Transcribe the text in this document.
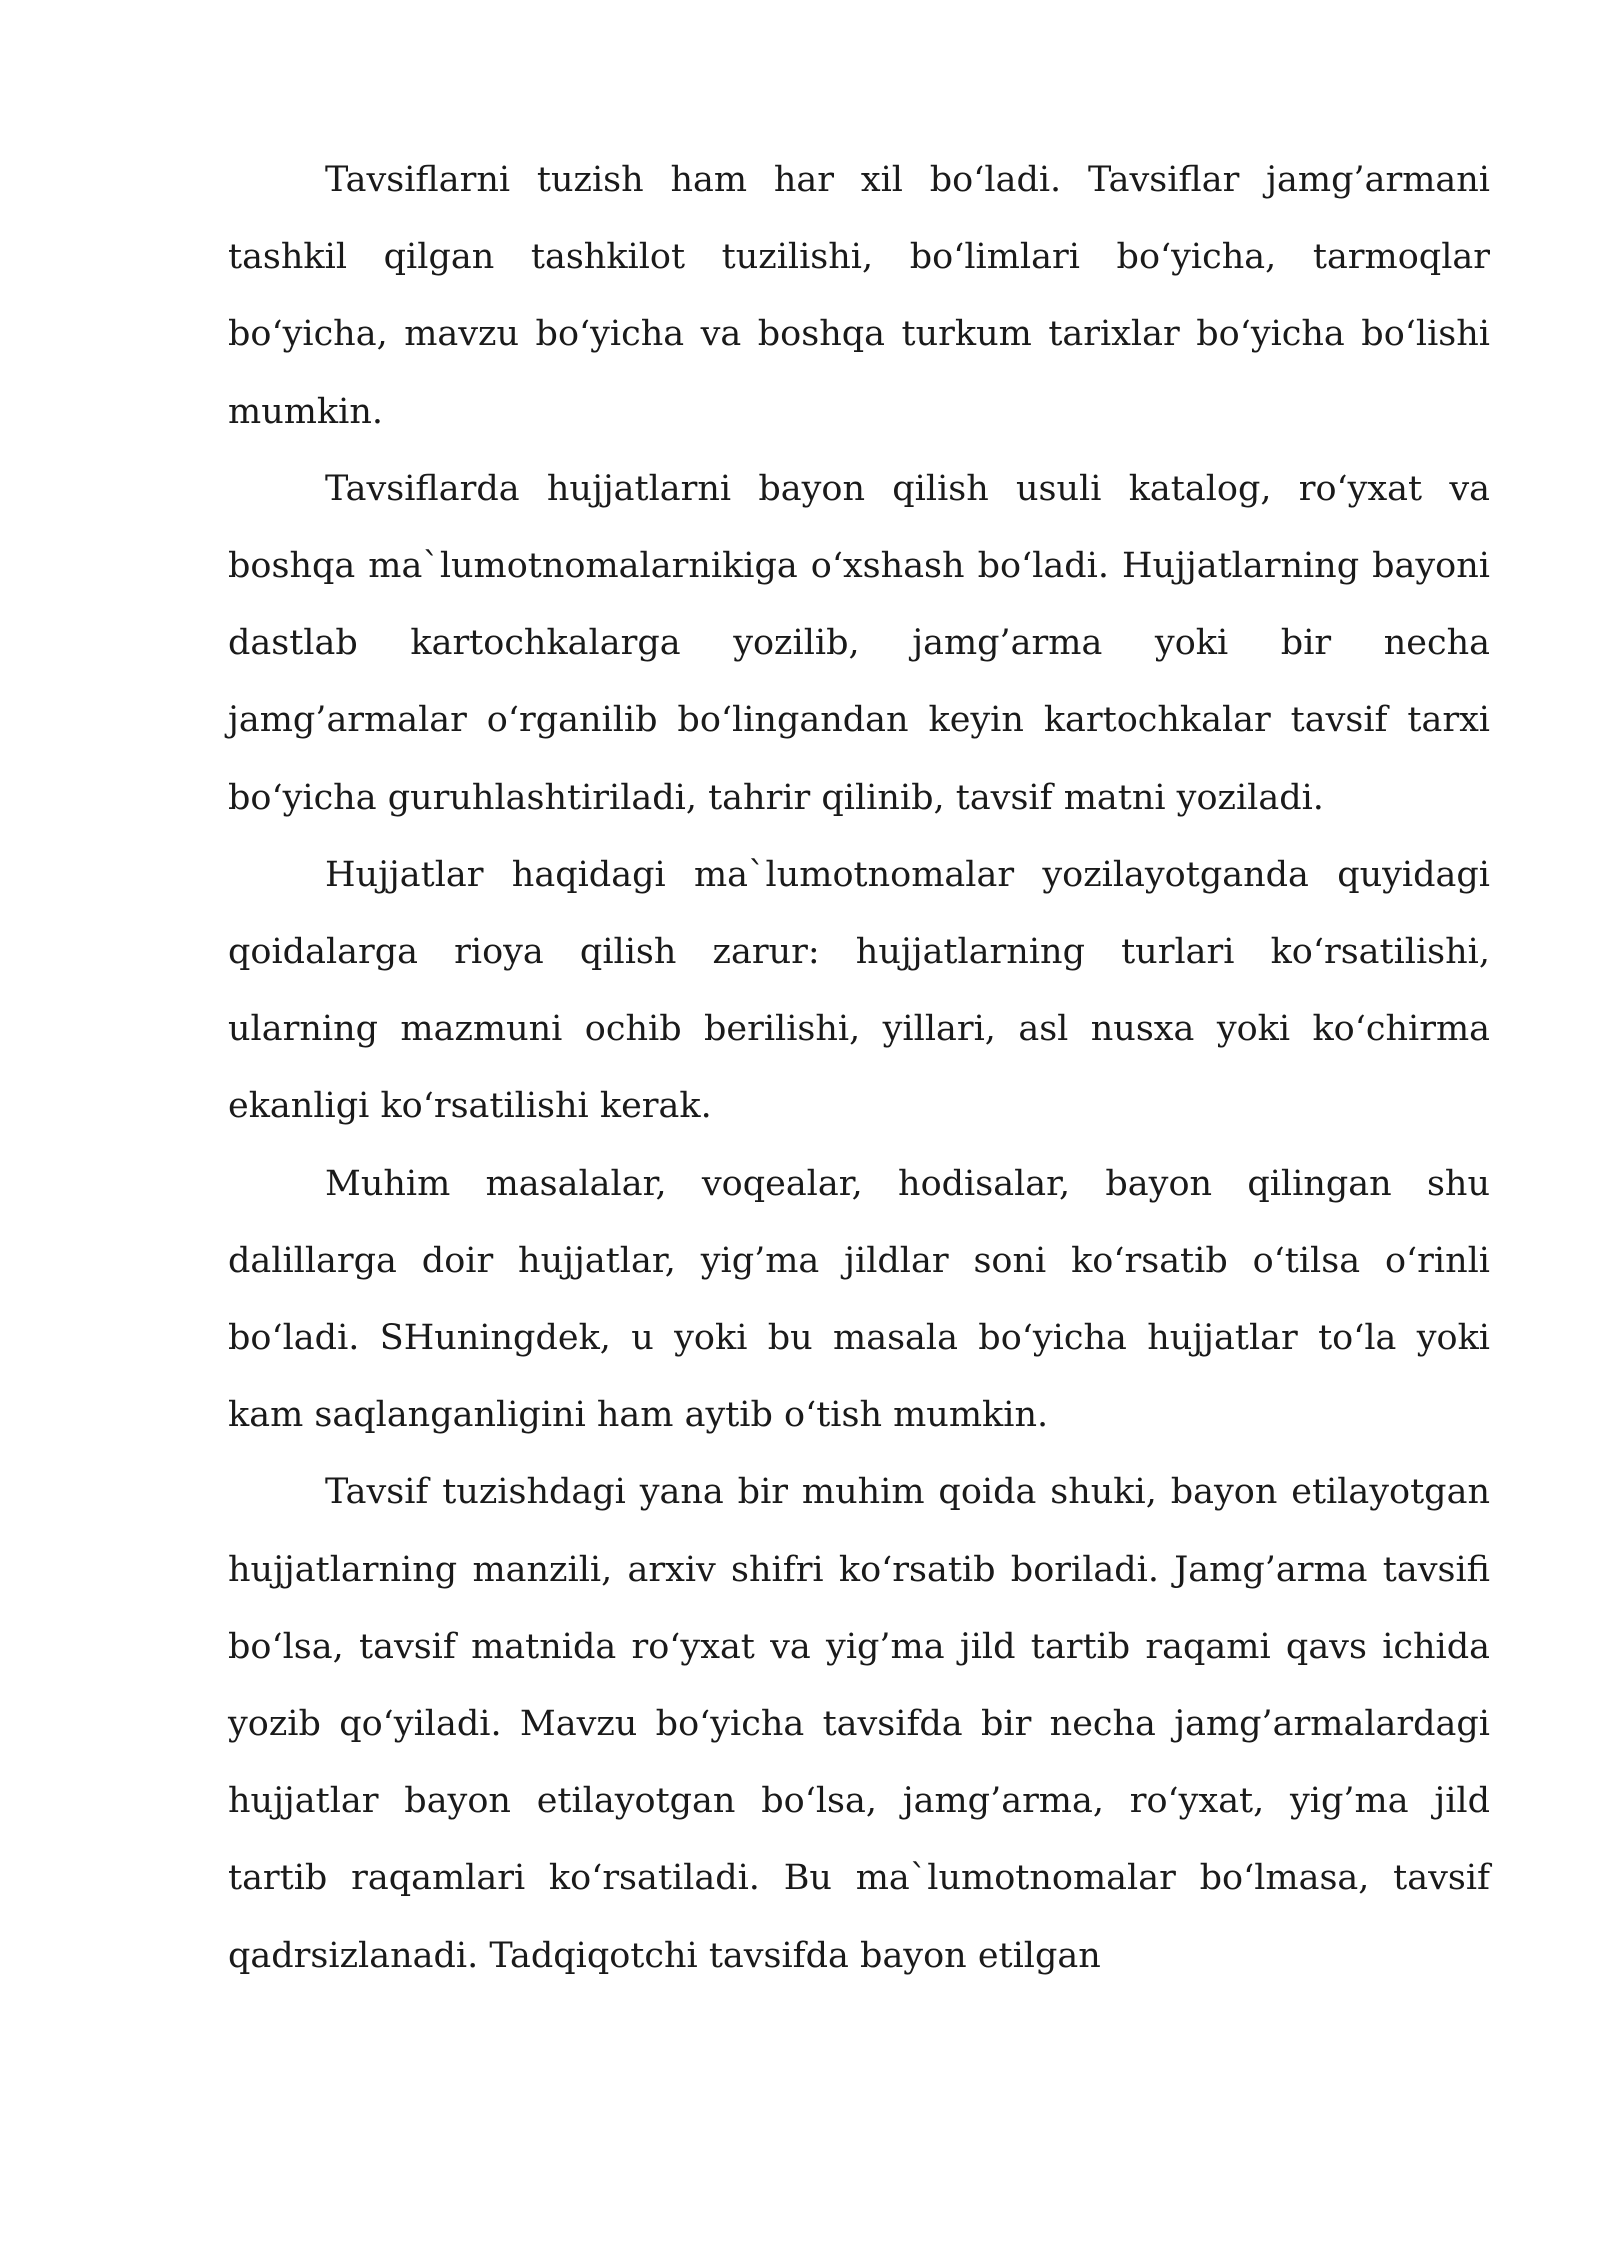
Tavsiflarni tuzish ham har xil bo‘ladi. Tavsiflar jamg’armani tashkil qilgan tashkilot tuzilishi, bo‘limlari bo‘yicha, tarmoqlar bo‘yicha, mavzu bo‘yicha va boshqa turkum tarixlar bo‘yicha bo‘lishi mumkin.

Tavsiflarda hujjatlarni bayon qilish usuli katalog, ro‘yxat va boshqa ma`lumotnomalarnikiga o‘xshash bo‘ladi. Hujjatlarning bayoni dastlab kartochkalarga yozilib, jamg’arma yoki bir necha jamg’armalar o‘rganilib bo‘lingandan keyin kartochkalar tavsif tarxi bo‘yicha guruhlashtiriladi, tahrir qilinib, tavsif matni yoziladi.

Hujjatlar haqidagi ma`lumotnomalar yozilayotganda quyidagi qoidalarga rioya qilish zarur: hujjatlarning turlari ko‘rsatilishi, ularning mazmuni ochib berilishi, yillari, asl nusxa yoki ko‘chirma ekanligi ko‘rsatilishi kerak.

Muhim masalalar, voqealar, hodisalar, bayon qilingan shu dalillarga doir hujjatlar, yig’ma jildlar soni ko‘rsatib o‘tilsa o‘rinli bo‘ladi. SHuningdek, u yoki bu masala bo‘yicha hujjatlar to‘la yoki kam saqlanganligini ham aytib o‘tish mumkin.

Tavsif tuzishdagi yana bir muhim qoida shuki, bayon etilayotgan hujjatlarning manzili, arxiv shifri ko‘rsatib boriladi. Jamg’arma tavsifi bo‘lsa, tavsif matnida ro‘yxat va yig’ma jild tartib raqami qavs ichida yozib qo‘yiladi. Mavzu bo‘yicha tavsifda bir necha jamg’armalardagi hujjatlar bayon etilayotgan bo‘lsa, jamg’arma, ro‘yxat, yig’ma jild tartib raqamlari ko‘rsatiladi. Bu ma`lumotnomalar bo‘lmasa, tavsif qadrsizlanadi. Tadqiqotchi tavsifda bayon etilgan
